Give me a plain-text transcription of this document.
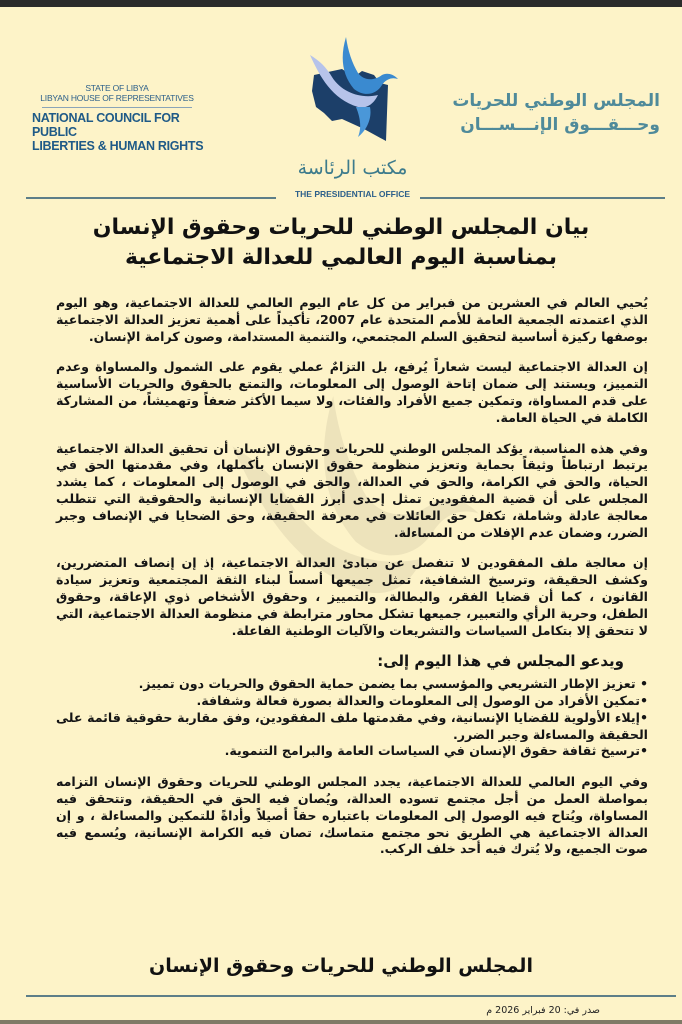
STATE OF LIBYA
LIBYAN HOUSE OF REPRESENTATIVES
NATIONAL COUNCIL FOR PUBLIC
LIBERTIES & HUMAN RIGHTS
مكتب الرئاسة
THE PRESIDENTIAL OFFICE
المجلس الوطني للحريات
وحـــقـــوق الإنـــســـان
بيان المجلس الوطني للحريات وحقوق الإنسان
بمناسبة اليوم العالمي للعدالة الاجتماعية

يُحيي العالم في العشرين من فبراير من كل عام اليوم العالمي للعدالة الاجتماعية، وهو اليوم الذي اعتمدته الجمعية العامة للأمم المتحدة عام 2007، تأكيداً على أهمية تعزيز العدالة الاجتماعية بوصفها ركيزة أساسية لتحقيق السلم المجتمعي، والتنمية المستدامة، وصون كرامة الإنسان.

إن العدالة الاجتماعية ليست شعاراً يُرفع، بل التزامٌ عملي يقوم على الشمول والمساواة وعدم التمييز، ويستند إلى ضمان إتاحة الوصول إلى المعلومات، والتمتع بالحقوق والحريات الأساسية على قدم المساواة، وتمكين جميع الأفراد والفئات، ولا سيما الأكثر ضعفاً وتهميشاً، من المشاركة الكاملة في الحياة العامة.

وفي هذه المناسبة، يؤكد المجلس الوطني للحريات وحقوق الإنسان أن تحقيق العدالة الاجتماعية يرتبط ارتباطاً وثيقاً بحماية وتعزيز منظومة حقوق الإنسان بأكملها، وفي مقدمتها الحق في الحياة، والحق في الكرامة، والحق في العدالة، والحق في الوصول إلى المعلومات ، كما يشدد المجلس على أن قضية المفقودين تمثل إحدى أبرز القضايا الإنسانية والحقوقية التي تتطلب معالجة عادلة وشاملة، تكفل حق العائلات في معرفة الحقيقة، وحق الضحايا في الإنصاف وجبر الضرر، وضمان عدم الإفلات من المساءلة.

إن معالجة ملف المفقودين لا تنفصل عن مبادئ العدالة الاجتماعية، إذ إن إنصاف المتضررين، وكشف الحقيقة، وترسيخ الشفافية، تمثل جميعها أسساً لبناء الثقة المجتمعية وتعزيز سيادة القانون ، كما أن قضايا الفقر، والبطالة، والتمييز ، وحقوق الأشخاص ذوي الإعاقة، وحقوق الطفل، وحرية الرأي والتعبير، جميعها تشكل محاور مترابطة في منظومة العدالة الاجتماعية، التي لا تتحقق إلا بتكامل السياسات والتشريعات والآليات الوطنية الفاعلة.

ويدعو المجلس في هذا اليوم إلى:
• تعزيز الإطار التشريعي والمؤسسي بما يضمن حماية الحقوق والحريات دون تمييز.
•تمكين الأفراد من الوصول إلى المعلومات والعدالة بصورة فعالة وشفافة.
•إيلاء الأولوية للقضايا الإنسانية، وفي مقدمتها ملف المفقودين، وفق مقاربة حقوقية قائمة على الحقيقة والمساءلة وجبر الضرر.
•ترسيخ ثقافة حقوق الإنسان في السياسات العامة والبرامج التنموية.

وفي اليوم العالمي للعدالة الاجتماعية، يجدد المجلس الوطني للحريات وحقوق الإنسان التزامه بمواصلة العمل من أجل مجتمع تسوده العدالة، ويُصان فيه الحق في الحقيقة، وتتحقق فيه المساواة، ويُتاح فيه الوصول إلى المعلومات باعتباره حقاً أصيلاً وأداةً للتمكين والمساءلة ، و إن العدالة الاجتماعية هي الطريق نحو مجتمع متماسك، تصان فيه الكرامة الإنسانية، ويُسمع فيه صوت الجميع، ولا يُترك فيه أحد خلف الركب.

المجلس الوطني للحريات وحقوق الإنسان
صدر في: 20 فبراير 2026 م
